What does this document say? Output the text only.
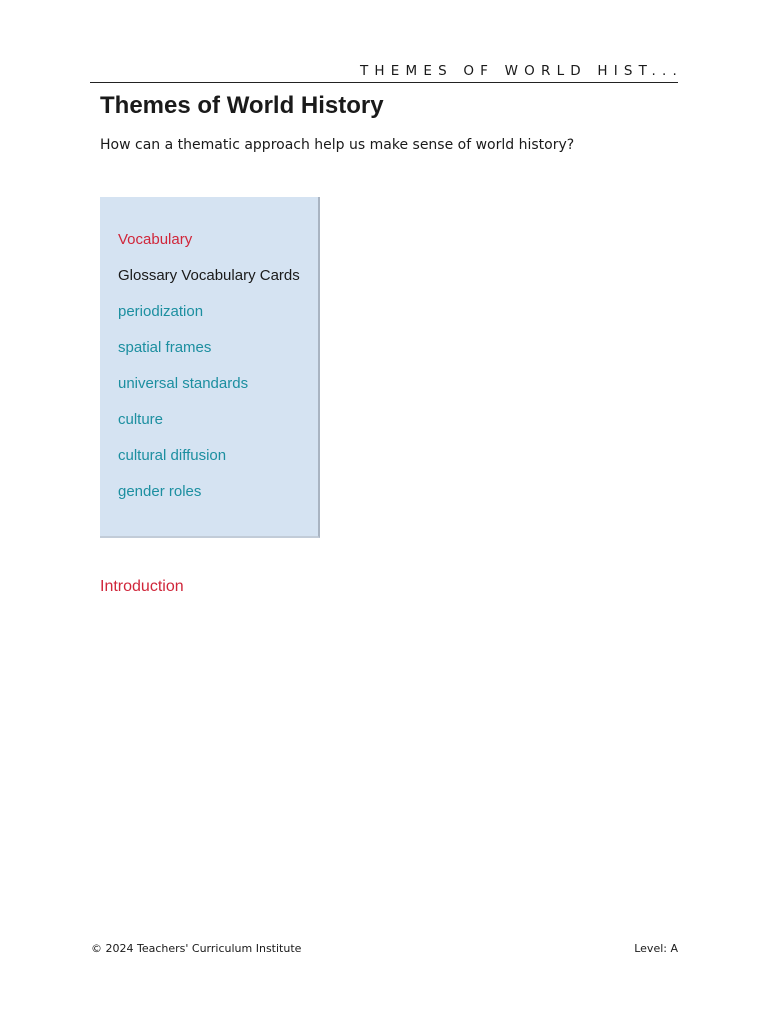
THEMES OF WORLD HIST...
Themes of World History

How can a thematic approach help us make sense of world history?

Vocabulary
Glossary Vocabulary Cards
periodization
spatial frames
universal standards
culture
cultural diffusion
gender roles
Introduction
© 2024 Teachers' Curriculum Institute	Level: A
